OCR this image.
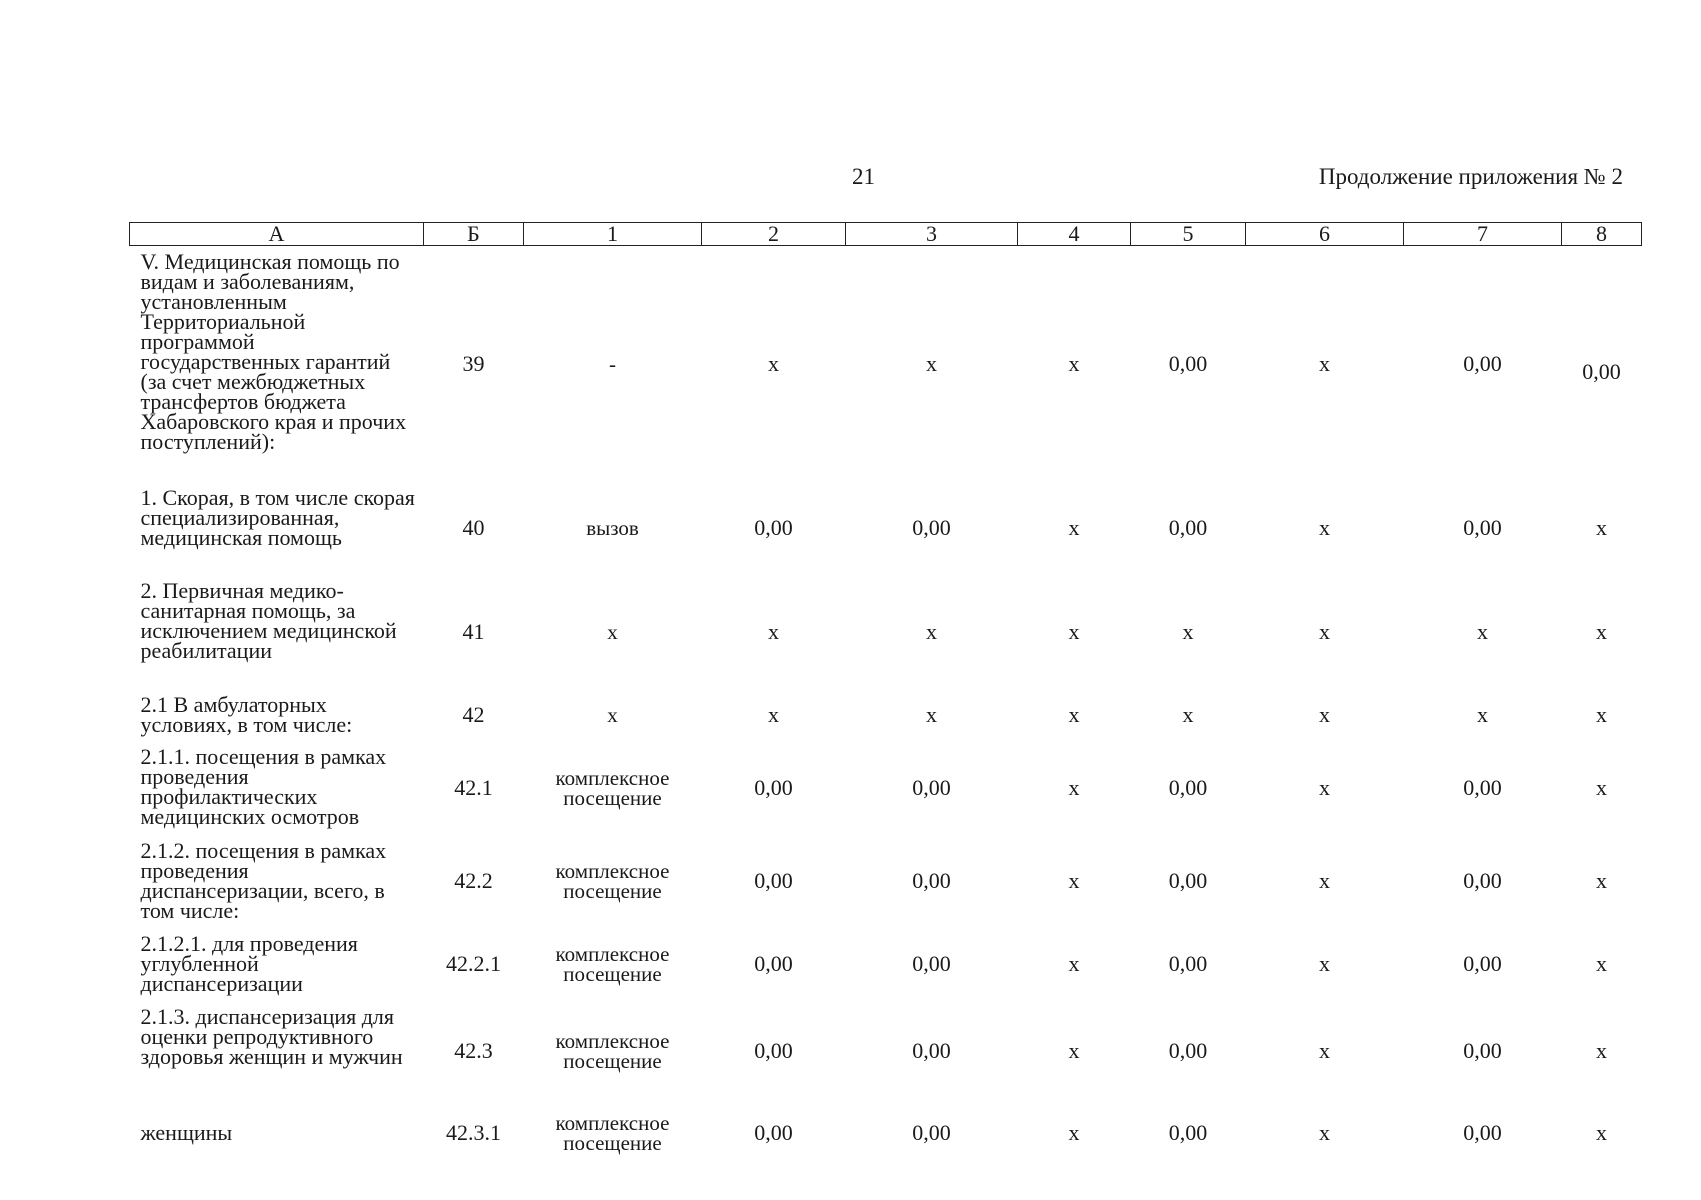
21	Продолжение приложения № 2
А	Б	1	2	3	4	5	6	7	8
V. Медицинская помощь по видам и заболеваниям, установленным Территориальной программой государственных гарантий (за счет межбюджетных трансфертов бюджета Хабаровского края и прочих поступлений):	39	-	х	х	х	0,00	х	0,00	0,00
1. Скорая, в том числе скорая специализированная, медицинская помощь	40	вызов	0,00	0,00	х	0,00	х	0,00	х
2. Первичная медико-санитарная помощь, за исключением медицинской реабилитации	41	х	х	х	х	х	х	х	х
2.1 В амбулаторных условиях, в том числе:	42	х	х	х	х	х	х	х	х
2.1.1. посещения в рамках проведения профилактических медицинских осмотров	42.1	комплексное посещение	0,00	0,00	х	0,00	х	0,00	х
2.1.2. посещения в рамках проведения диспансеризации, всего, в том числе:	42.2	комплексное посещение	0,00	0,00	х	0,00	х	0,00	х
2.1.2.1. для проведения углубленной диспансеризации	42.2.1	комплексное посещение	0,00	0,00	х	0,00	х	0,00	х
2.1.3. диспансеризация для оценки репродуктивного здоровья женщин и мужчин	42.3	комплексное посещение	0,00	0,00	х	0,00	х	0,00	х
женщины	42.3.1	комплексное посещение	0,00	0,00	х	0,00	х	0,00	х
